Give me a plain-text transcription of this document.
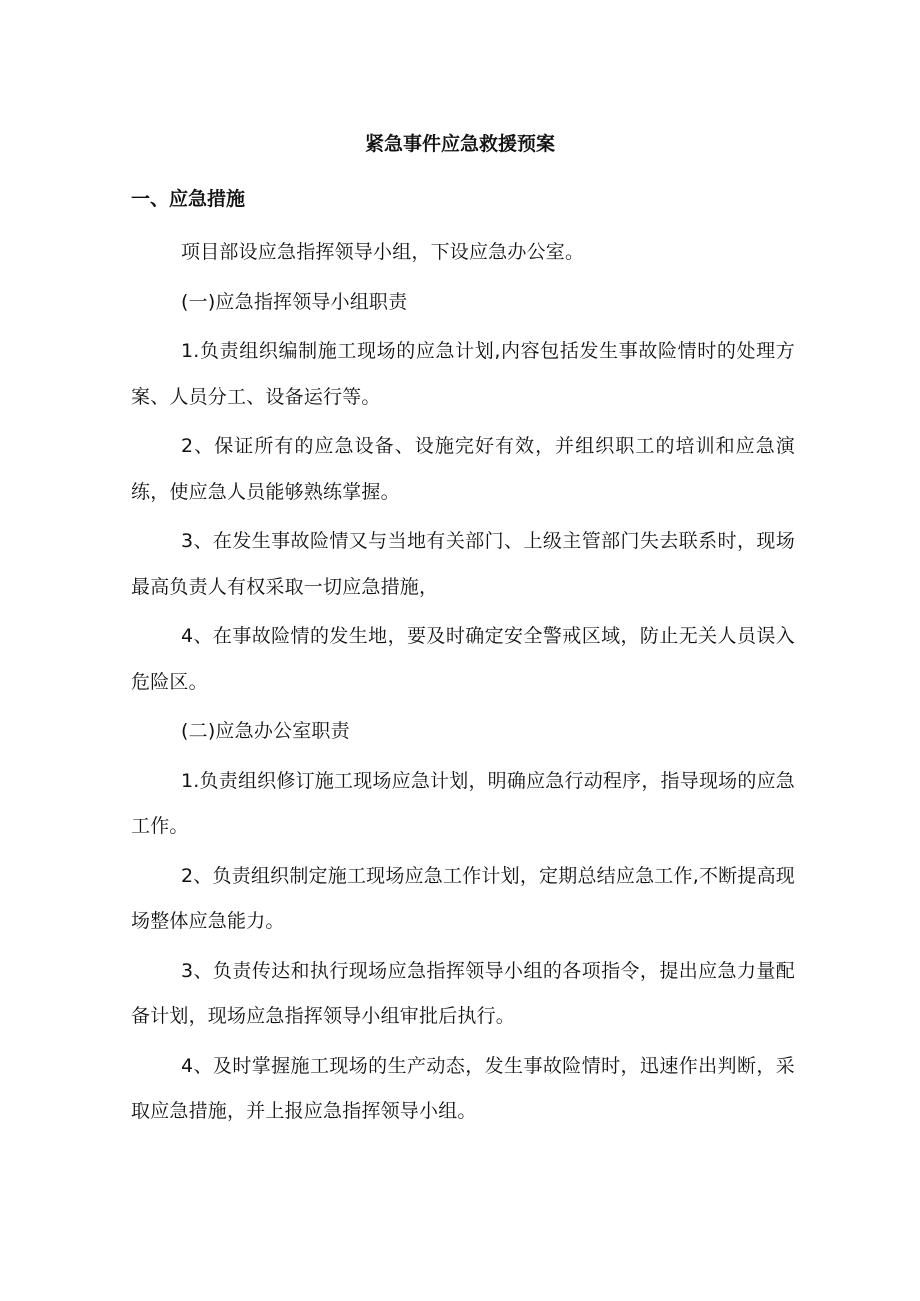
紧急事件应急救援预案
一、应急措施

项目部设应急指挥领导小组，下设应急办公室。

(一)应急指挥领导小组职责

1.负责组织编制施工现场的应急计划,内容包括发生事故险情时的处理方案、人员分工、设备运行等。

2、保证所有的应急设备、设施完好有效，并组织职工的培训和应急演练，使应急人员能够熟练掌握。

3、在发生事故险情又与当地有关部门、上级主管部门失去联系时，现场最高负责人有权采取一切应急措施，

4、在事故险情的发生地，要及时确定安全警戒区域，防止无关人员误入危险区。

(二)应急办公室职责

1.负责组织修订施工现场应急计划，明确应急行动程序，指导现场的应急工作。

2、负责组织制定施工现场应急工作计划，定期总结应急工作,不断提高现场整体应急能力。

3、负责传达和执行现场应急指挥领导小组的各项指令，提出应急力量配备计划，现场应急指挥领导小组审批后执行。

4、及时掌握施工现场的生产动态，发生事故险情时，迅速作出判断，采取应急措施，并上报应急指挥领导小组。
